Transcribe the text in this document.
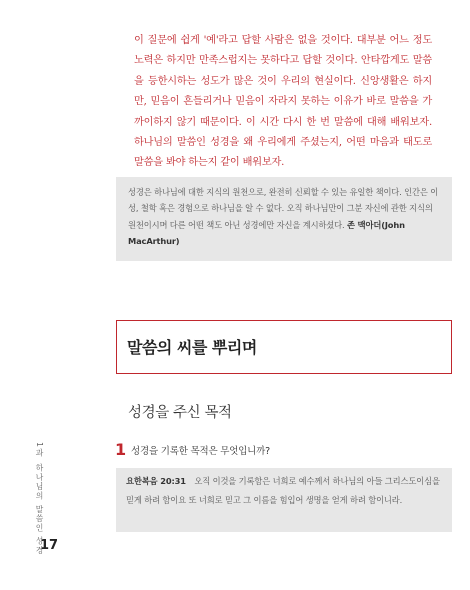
이 질문에 쉽게 '예'라고 답할 사람은 없을 것이다. 대부분 어느 정도 노력은 하지만 만족스럽지는 못하다고 답할 것이다. 안타깝게도 말씀을 등한시하는 성도가 많은 것이 우리의 현실이다. 신앙생활은 하지만, 믿음이 흔들리거나 믿음이 자라지 못하는 이유가 바로 말씀을 가까이하지 않기 때문이다. 이 시간 다시 한 번 말씀에 대해 배워보자. 하나님의 말씀인 성경을 왜 우리에게 주셨는지, 어떤 마음과 태도로 말씀을 봐야 하는지 같이 배워보자.
성경은 하나님에 대한 지식의 원천으로, 완전히 신뢰할 수 있는 유일한 책이다. 인간은 이성, 철학 혹은 경험으로 하나님을 알 수 없다. 오직 하나님만이 그분 자신에 관한 지식의 원천이시며 다른 어떤 책도 아닌 성경에만 자신을 계시하셨다. 존 맥아더(John MacArthur)
말씀의 씨를 뿌리며
성경을 주신 목적
1 성경을 기록한 목적은 무엇입니까?
요한복음 20:31 오직 이것을 기록함은 너희로 예수께서 하나님의 아들 그리스도이심을 믿게 하려 함이요 또 너희로 믿고 그 이름을 힘입어 생명을 얻게 하려 함이니라.
1과하나님의 말씀인 성경
17
